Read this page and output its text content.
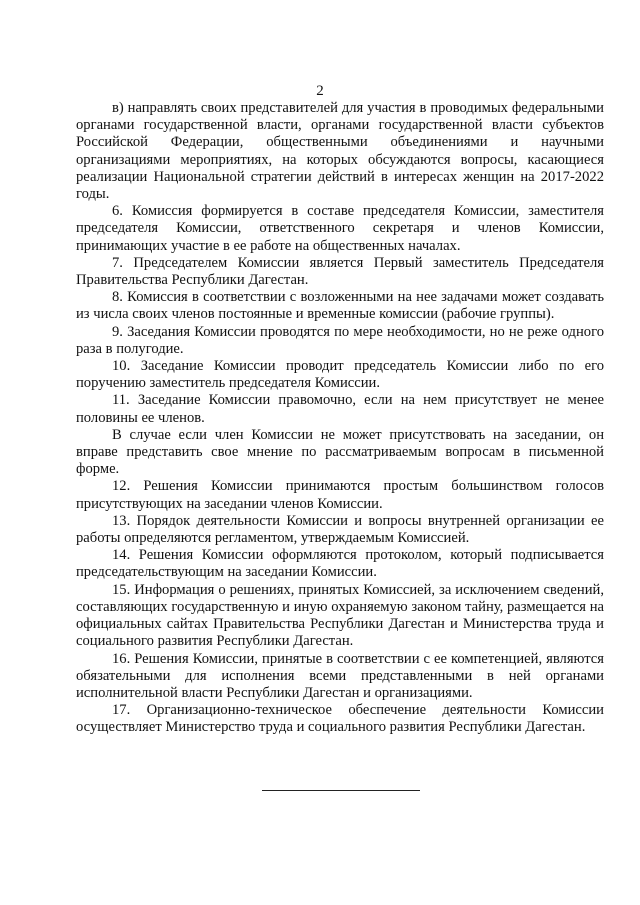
2

в) направлять своих представителей для участия в проводимых федеральными органами государственной власти, органами государственной власти субъектов Российской Федерации, общественными объединениями и научными организациями мероприятиях, на которых обсуждаются вопросы, касающиеся реализации Национальной стратегии действий в интересах женщин на 2017-2022 годы.

6. Комиссия формируется в составе председателя Комиссии, заместителя председателя Комиссии, ответственного секретаря и членов Комиссии, принимающих участие в ее работе на общественных началах.

7. Председателем Комиссии является Первый заместитель Председателя Правительства Республики Дагестан.

8. Комиссия в соответствии с возложенными на нее задачами может создавать из числа своих членов постоянные и временные комиссии (рабочие группы).

9. Заседания Комиссии проводятся по мере необходимости, но не реже одного раза в полугодие.

10. Заседание Комиссии проводит председатель Комиссии либо по его поручению заместитель председателя Комиссии.

11. Заседание Комиссии правомочно, если на нем присутствует не менее половины ее членов.

В случае если член Комиссии не может присутствовать на заседании, он вправе представить свое мнение по рассматриваемым вопросам в письменной форме.

12. Решения Комиссии принимаются простым большинством голосов присутствующих на заседании членов Комиссии.

13. Порядок деятельности Комиссии и вопросы внутренней организации ее работы определяются регламентом, утверждаемым Комиссией.

14. Решения Комиссии оформляются протоколом, который подписывается председательствующим на заседании Комиссии.

15. Информация о решениях, принятых Комиссией, за исключением сведений, составляющих государственную и иную охраняемую законом тайну, размещается на официальных сайтах Правительства Республики Дагестан и Министерства труда и социального развития Республики Дагестан.

16. Решения Комиссии, принятые в соответствии с ее компетенцией, являются обязательными для исполнения всеми представленными в ней органами исполнительной власти Республики Дагестан и организациями.

17. Организационно-техническое обеспечение деятельности Комиссии осуществляет Министерство труда и социального развития Республики Дагестан.
